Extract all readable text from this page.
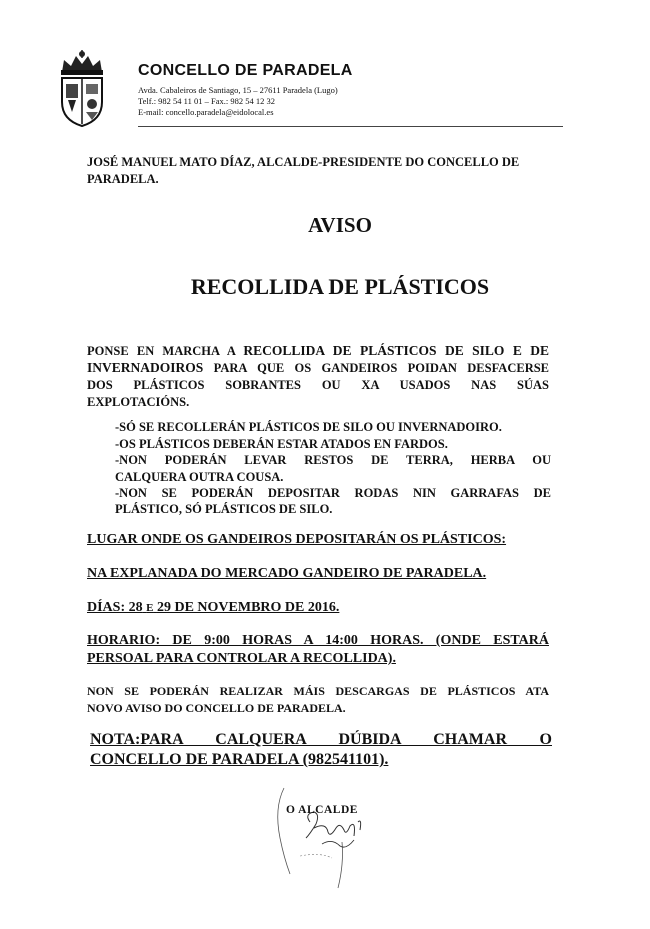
CONCELLO DE PARADELA
Avda. Cabaleiros de Santiago, 15 – 27611 Paradela (Lugo)
Telf.: 982 54 11 01 – Fax.: 982 54 12 32
E-mail: concello.paradela@eidolocal.es
JOSÉ MANUEL MATO DÍAZ, ALCALDE-PRESIDENTE DO CONCELLO DE
PARADELA.
AVISO
RECOLLIDA DE PLÁSTICOS
PONSE EN MARCHA A RECOLLIDA DE PLÁSTICOS DE SILO E DE
INVERNADOIROS PARA QUE OS GANDEIROS POIDAN DESFACERSE
DOS PLÁSTICOS SOBRANTES OU XA USADOS NAS SÚAS
EXPLOTACIÓNS.
-SÓ SE RECOLLERÁN PLÁSTICOS DE SILO OU INVERNADOIRO.
-OS PLÁSTICOS DEBERÁN ESTAR ATADOS EN FARDOS.
-NON PODERÁN LEVAR RESTOS DE TERRA, HERBA OU
CALQUERA OUTRA COUSA.
-NON SE PODERÁN DEPOSITAR RODAS NIN GARRAFAS DE
PLÁSTICO, SÓ PLÁSTICOS DE SILO.
LUGAR ONDE OS GANDEIROS DEPOSITARÁN OS PLÁSTICOS:
NA EXPLANADA DO MERCADO GANDEIRO DE PARADELA.
DÍAS: 28 E 29 DE NOVEMBRO DE 2016.
HORARIO: DE 9:00 HORAS A 14:00 HORAS. (ONDE ESTARÁ
PERSOAL PARA CONTROLAR A RECOLLIDA).
NON SE PODERÁN REALIZAR MÁIS DESCARGAS DE PLÁSTICOS ATA
NOVO AVISO DO CONCELLO DE PARADELA.
NOTA:PARA CALQUERA DÚBIDA CHAMAR O
CONCELLO DE PARADELA (982541101).
O ALCALDE
